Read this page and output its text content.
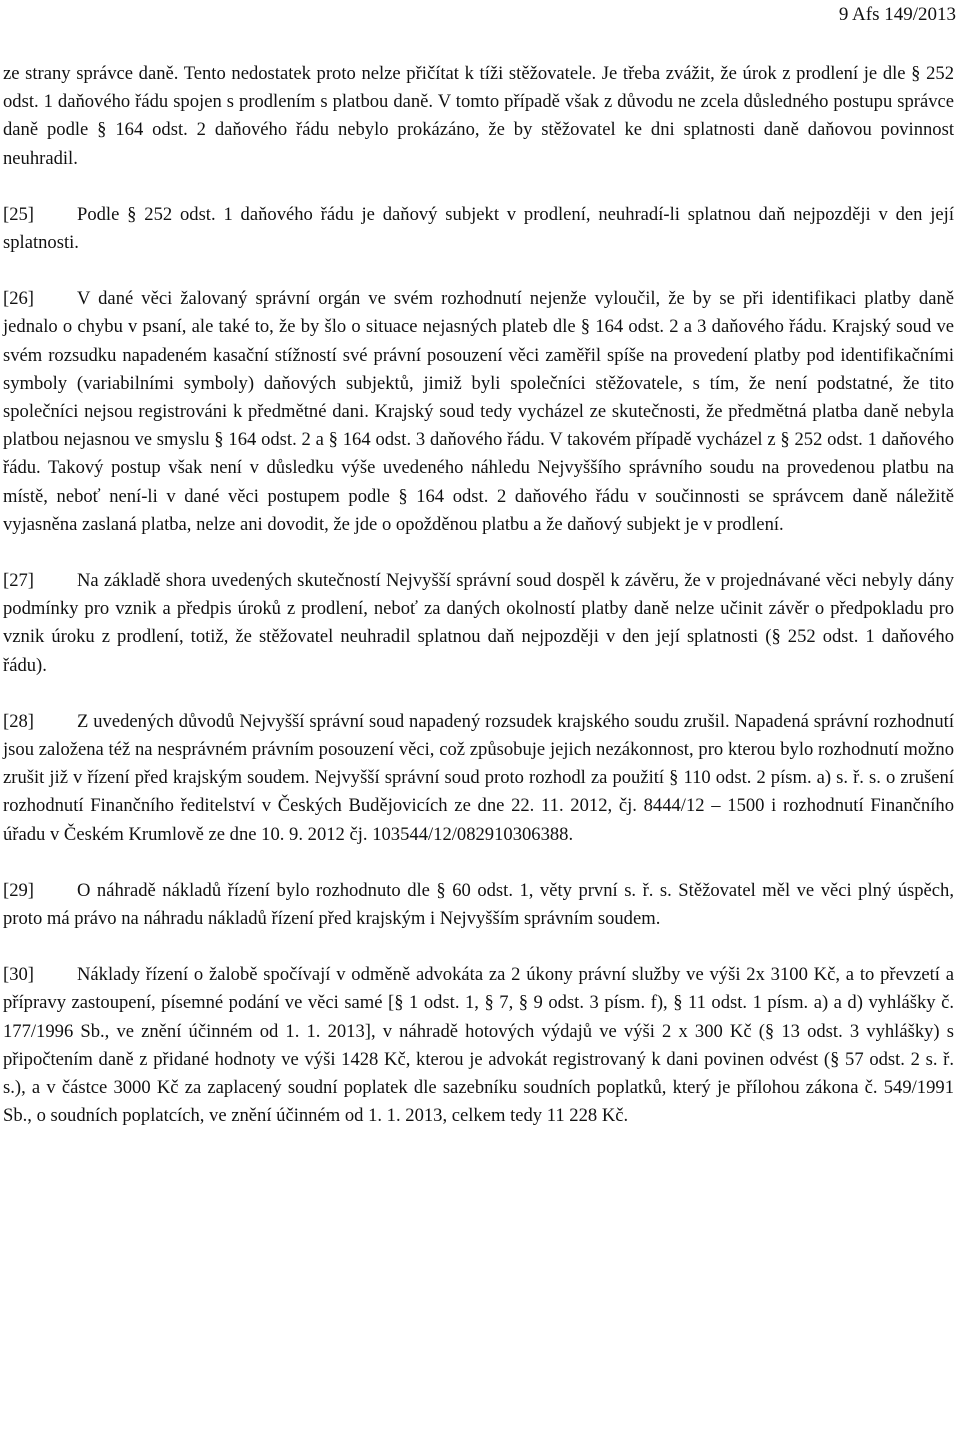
9 Afs 149/2013

ze strany správce daně. Tento nedostatek proto nelze přičítat k tíži stěžovatele. Je třeba zvážit, že úrok z prodlení je dle § 252 odst. 1 daňového řádu spojen s prodlením s platbou daně. V tomto případě však z důvodu ne zcela důsledného postupu správce daně podle § 164 odst. 2 daňového řádu nebylo prokázáno, že by stěžovatel ke dni splatnosti daně daňovou povinnost neuhradil.

[25] Podle § 252 odst. 1 daňového řádu je daňový subjekt v prodlení, neuhradí-li splatnou daň nejpozději v den její splatnosti.

[26] V dané věci žalovaný správní orgán ve svém rozhodnutí nejenže vyloučil, že by se při identifikaci platby daně jednalo o chybu v psaní, ale také to, že by šlo o situace nejasných plateb dle § 164 odst. 2 a 3 daňového řádu. Krajský soud ve svém rozsudku napadeném kasační stížností své právní posouzení věci zaměřil spíše na provedení platby pod identifikačními symboly (variabilními symboly) daňových subjektů, jimiž byli společníci stěžovatele, s tím, že není podstatné, že tito společníci nejsou registrováni k předmětné dani. Krajský soud tedy vycházel ze skutečnosti, že předmětná platba daně nebyla platbou nejasnou ve smyslu § 164 odst. 2 a § 164 odst. 3 daňového řádu. V takovém případě vycházel z § 252 odst. 1 daňového řádu. Takový postup však není v důsledku výše uvedeného náhledu Nejvyššího správního soudu na provedenou platbu na místě, neboť není-li v dané věci postupem podle § 164 odst. 2 daňového řádu v součinnosti se správcem daně náležitě vyjasněna zaslaná platba, nelze ani dovodit, že jde o opožděnou platbu a že daňový subjekt je v prodlení.

[27] Na základě shora uvedených skutečností Nejvyšší správní soud dospěl k závěru, že v projednávané věci nebyly dány podmínky pro vznik a předpis úroků z prodlení, neboť za daných okolností platby daně nelze učinit závěr o předpokladu pro vznik úroku z prodlení, totiž, že stěžovatel neuhradil splatnou daň nejpozději v den její splatnosti (§ 252 odst. 1 daňového řádu).

[28] Z uvedených důvodů Nejvyšší správní soud napadený rozsudek krajského soudu zrušil. Napadená správní rozhodnutí jsou založena též na nesprávném právním posouzení věci, což způsobuje jejich nezákonnost, pro kterou bylo rozhodnutí možno zrušit již v řízení před krajským soudem. Nejvyšší správní soud proto rozhodl za použití § 110 odst. 2 písm. a) s. ř. s. o zrušení rozhodnutí Finančního ředitelství v Českých Budějovicích ze dne 22. 11. 2012, čj. 8444/12 – 1500 i rozhodnutí Finančního úřadu v Českém Krumlově ze dne 10. 9. 2012 čj. 103544/12/082910306388.

[29] O náhradě nákladů řízení bylo rozhodnuto dle § 60 odst. 1, věty první s. ř. s. Stěžovatel měl ve věci plný úspěch, proto má právo na náhradu nákladů řízení před krajským i Nejvyšším správním soudem.

[30] Náklady řízení o žalobě spočívají v odměně advokáta za 2 úkony právní služby ve výši 2x 3100 Kč, a to převzetí a přípravy zastoupení, písemné podání ve věci samé [§ 1 odst. 1, § 7, § 9 odst. 3 písm. f), § 11 odst. 1 písm. a) a d) vyhlášky č. 177/1996 Sb., ve znění účinném od 1. 1. 2013], v náhradě hotových výdajů ve výši 2 x 300 Kč (§ 13 odst. 3 vyhlášky) s připočtením daně z přidané hodnoty ve výši 1428 Kč, kterou je advokát registrovaný k dani povinen odvést (§ 57 odst. 2 s. ř. s.), a v částce 3000 Kč za zaplacený soudní poplatek dle sazebníku soudních poplatků, který je přílohou zákona č. 549/1991 Sb., o soudních poplatcích, ve znění účinném od 1. 1. 2013, celkem tedy 11 228 Kč.
